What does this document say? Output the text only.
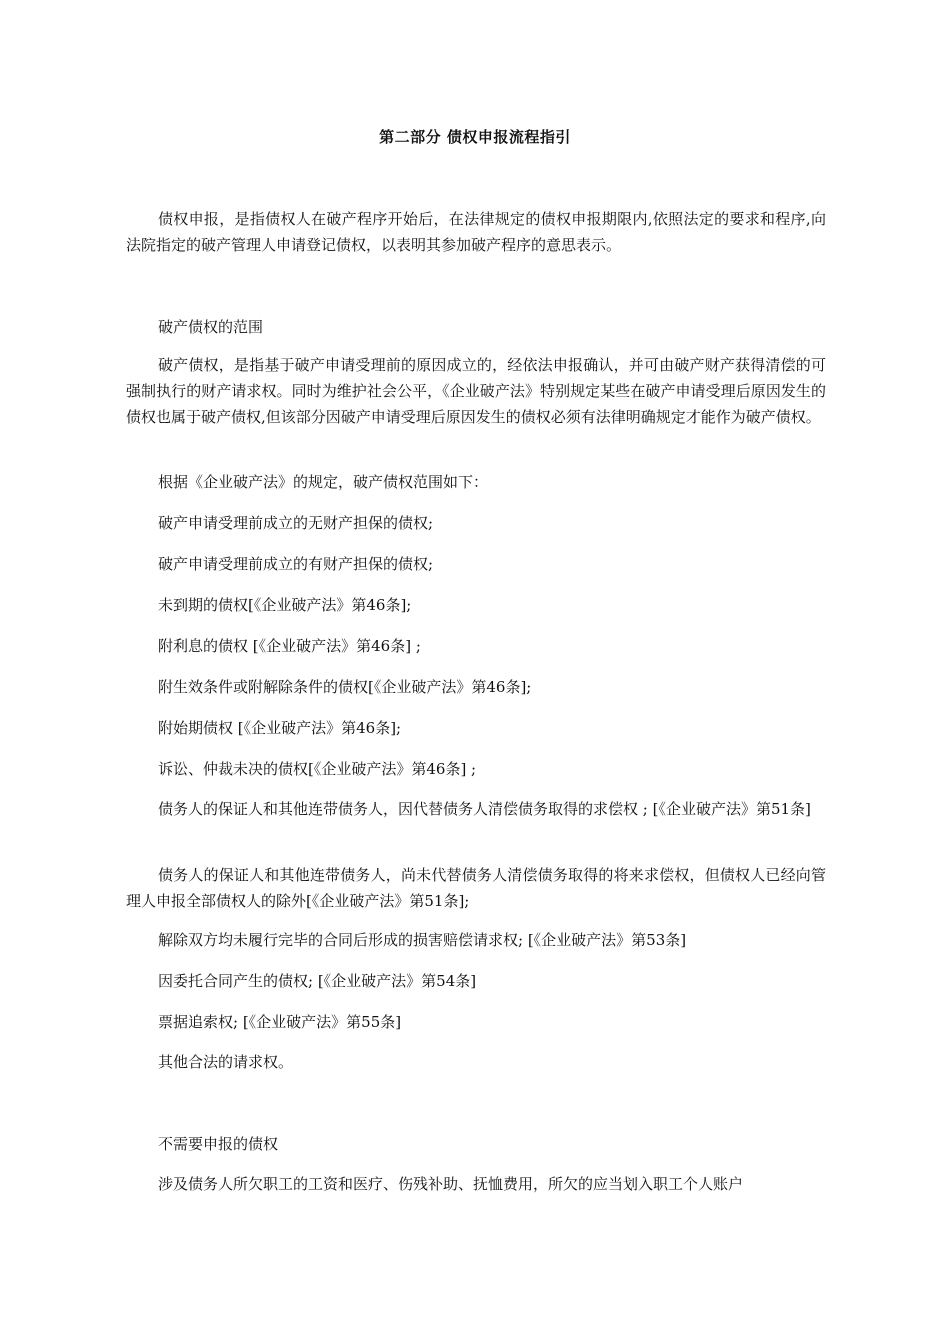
第二部分 债权申报流程指引

债权申报，是指债权人在破产程序开始后，在法律规定的债权申报期限内,依照法定的要求和程序,向法院指定的破产管理人申请登记债权，以表明其参加破产程序的意思表示。

破产债权的范围

破产债权，是指基于破产申请受理前的原因成立的，经依法申报确认，并可由破产财产获得清偿的可强制执行的财产请求权。同时为维护社会公平，《企业破产法》特别规定某些在破产申请受理后原因发生的债权也属于破产债权,但该部分因破产申请受理后原因发生的债权必须有法律明确规定才能作为破产债权。

根据《企业破产法》的规定，破产债权范围如下：

破产申请受理前成立的无财产担保的债权;

破产申请受理前成立的有财产担保的债权;

未到期的债权[《企业破产法》第46条];

附利息的债权 [《企业破产法》第46条] ;

附生效条件或附解除条件的债权[《企业破产法》第46条];

附始期债权 [《企业破产法》第46条];

诉讼、仲裁未决的债权[《企业破产法》第46条] ;

债务人的保证人和其他连带债务人，因代替债务人清偿债务取得的求偿权 ; [《企业破产法》第51条]

债务人的保证人和其他连带债务人，尚未代替债务人清偿债务取得的将来求偿权，但债权人已经向管理人申报全部债权人的除外[《企业破产法》第51条];

解除双方均未履行完毕的合同后形成的损害赔偿请求权; [《企业破产法》第53条]

因委托合同产生的债权; [《企业破产法》第54条]

票据追索权; [《企业破产法》第55条]

其他合法的请求权。

不需要申报的债权

涉及债务人所欠职工的工资和医疗、伤残补助、抚恤费用，所欠的应当划入职工个人账户
